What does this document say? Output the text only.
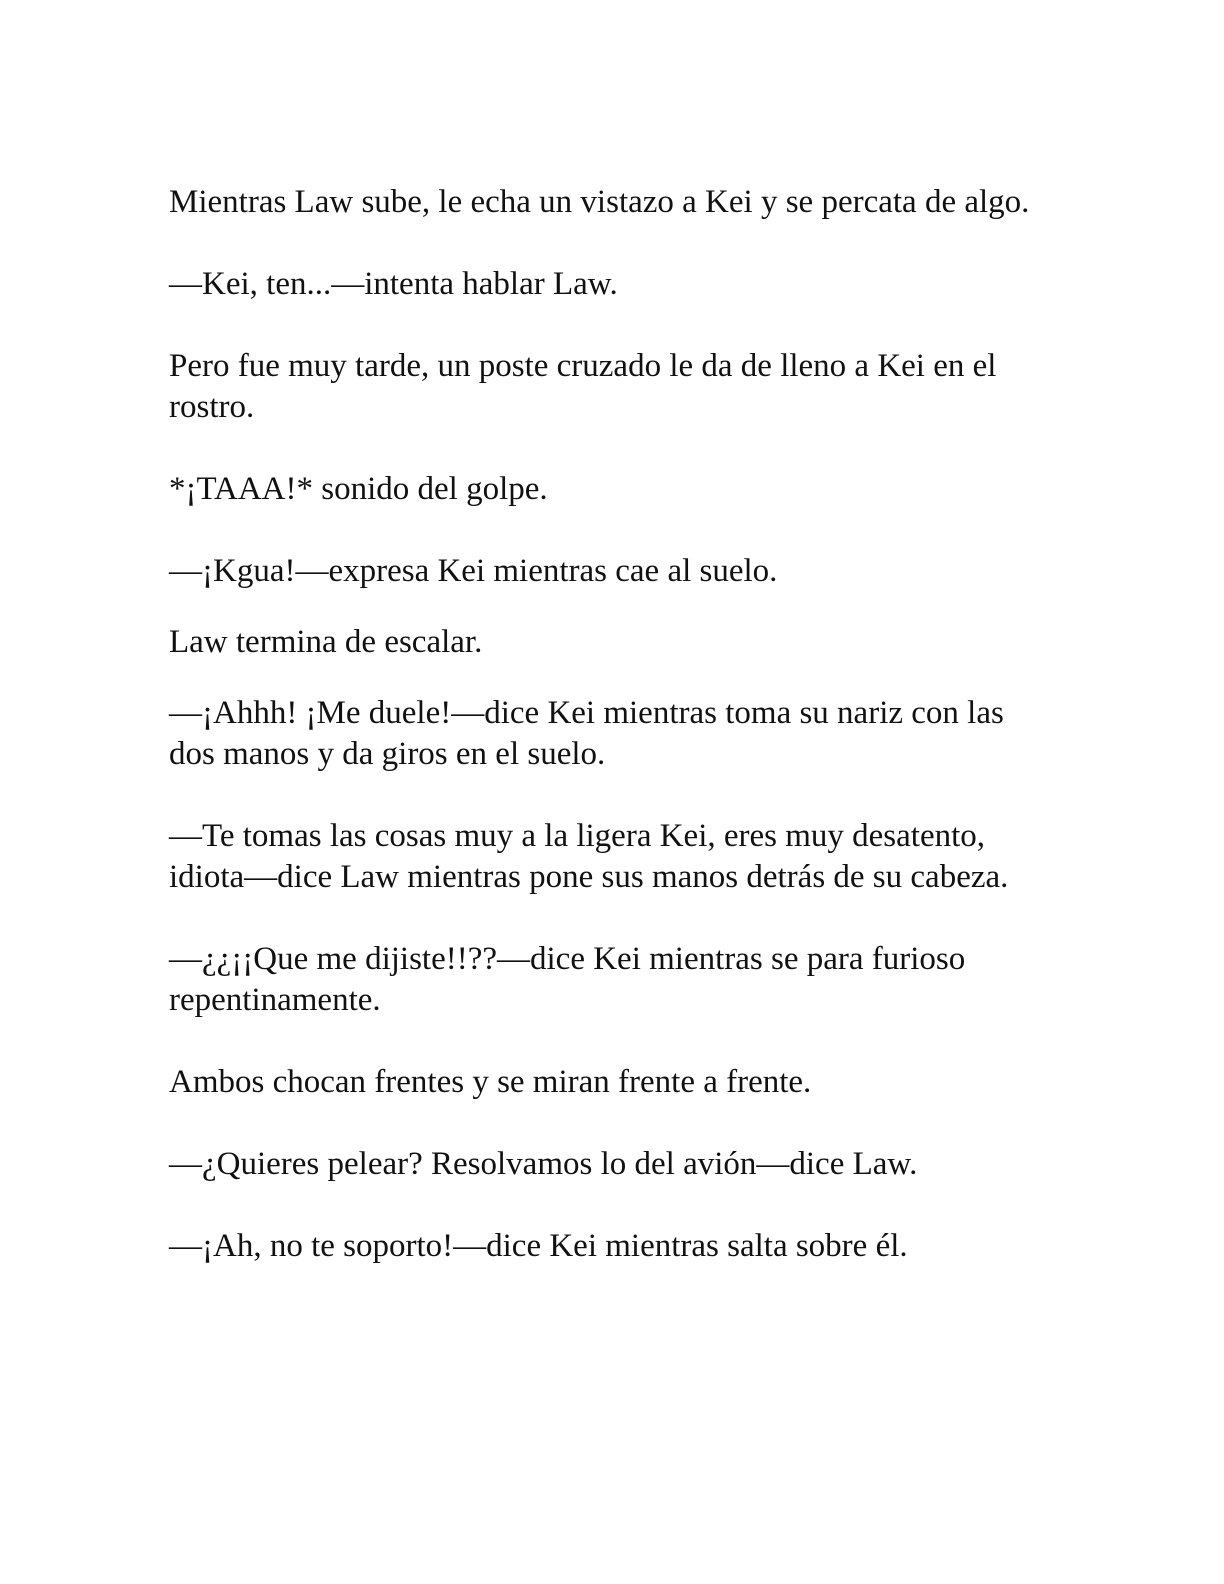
Mientras Law sube, le echa un vistazo a Kei y se percata de algo.

—Kei, ten...—intenta hablar Law.

Pero fue muy tarde, un poste cruzado le da de lleno a Kei en el rostro.

*¡TAAA!* sonido del golpe.

—¡Kgua!—expresa Kei mientras cae al suelo.

Law termina de escalar.

—¡Ahhh! ¡Me duele!—dice Kei mientras toma su nariz con las dos manos y da giros en el suelo.

—Te tomas las cosas muy a la ligera Kei, eres muy desatento, idiota—dice Law mientras pone sus manos detrás de su cabeza.

—¿¿¡¡Que me dijiste!!??—dice Kei mientras se para furioso repentinamente.

Ambos chocan frentes y se miran frente a frente.

—¿Quieres pelear? Resolvamos lo del avión—dice Law.

—¡Ah, no te soporto!—dice Kei mientras salta sobre él.
